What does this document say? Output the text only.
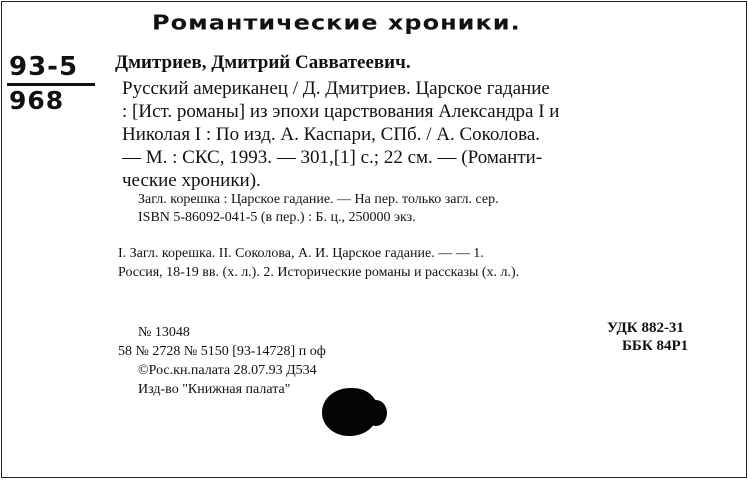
Романтические хроники.
93-5
968
Дмитриев, Дмитрий Савватеевич.
Русский американец / Д. Дмитриев. Царское гадание
: [Ист. романы] из эпохи царствования Александра I и
Николая I : По изд. А. Каспари, СПб. / А. Соколова.
— М. : СКС, 1993. — 301,[1] с.; 22 см. — (Романти-
ческие хроники).
Загл. корешка : Царское гадание. — На пер. только загл. сер.
ISBN 5-86092-041-5 (в пер.) : Б. ц., 250000 экз.
I. Загл. корешка. II. Соколова, А. И. Царское гадание. — — 1.
Россия, 18-19 вв. (х. л.). 2. Исторические романы и рассказы (х. л.).
№ 13048
58 № 2728 № 5150 [93-14728] п оф
©Рос.кн.палата 28.07.93 Д534
Изд-во "Книжная палата"
УДК 882-31
ББК 84Р1
